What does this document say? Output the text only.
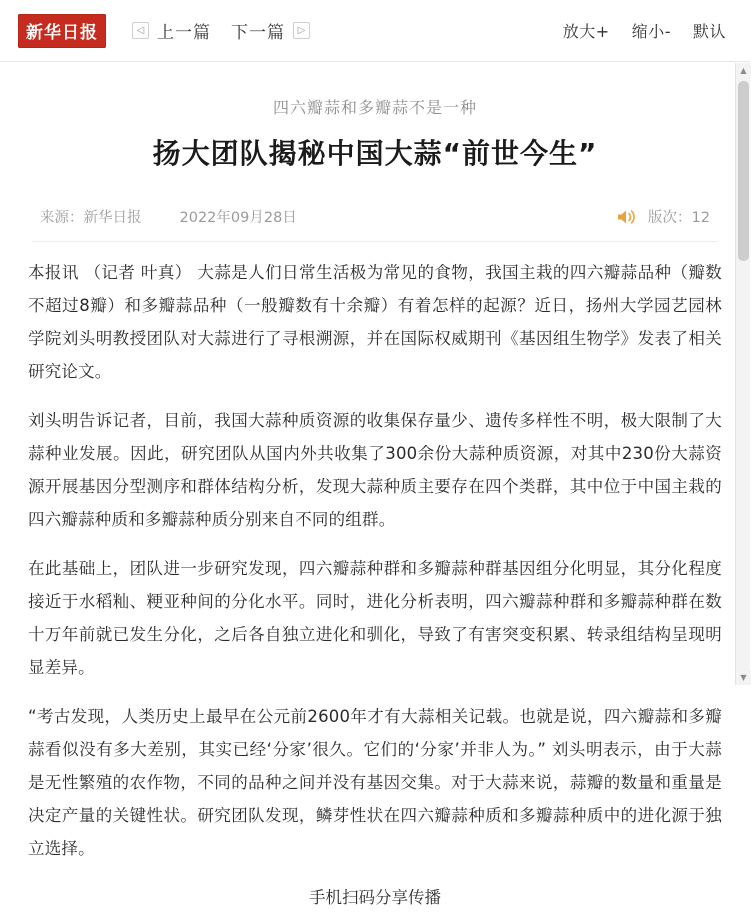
新华日报	◁ 上一篇 下一篇	▷	放大+ 缩小- 默认
四六瓣蒜和多瓣蒜不是一种
扬大团队揭秘中国大蒜“前世今生”
来源：新华日报	2022年09月28日	版次：12

本报讯 （记者 叶真） 大蒜是人们日常生活极为常见的食物，我国主栽的四六瓣蒜品种（瓣数不超过8瓣）和多瓣蒜品种（一般瓣数有十余瓣）有着怎样的起源？近日，扬州大学园艺园林学院刘头明教授团队对大蒜进行了寻根溯源，并在国际权威期刊《基因组生物学》发表了相关研究论文。

刘头明告诉记者，目前，我国大蒜种质资源的收集保存量少、遗传多样性不明，极大限制了大蒜种业发展。因此，研究团队从国内外共收集了300余份大蒜种质资源，对其中230份大蒜资源开展基因分型测序和群体结构分析，发现大蒜种质主要存在四个类群，其中位于中国主栽的四六瓣蒜种质和多瓣蒜种质分别来自不同的组群。

在此基础上，团队进一步研究发现，四六瓣蒜种群和多瓣蒜种群基因组分化明显，其分化程度接近于水稻籼、粳亚种间的分化水平。同时，进化分析表明，四六瓣蒜种群和多瓣蒜种群在数十万年前就已发生分化，之后各自独立进化和驯化，导致了有害突变积累、转录组结构呈现明显差异。

“考古发现，人类历史上最早在公元前2600年才有大蒜相关记载。也就是说，四六瓣蒜和多瓣蒜看似没有多大差别，其实已经‘分家’很久。它们的‘分家’并非人为。” 刘头明表示，由于大蒜是无性繁殖的农作物，不同的品种之间并没有基因交集。对于大蒜来说，蒜瓣的数量和重量是决定产量的关键性状。研究团队发现，鳞芽性状在四六瓣蒜种质和多瓣蒜种质中的进化源于独立选择。

手机扫码分享传播
▲
▼
